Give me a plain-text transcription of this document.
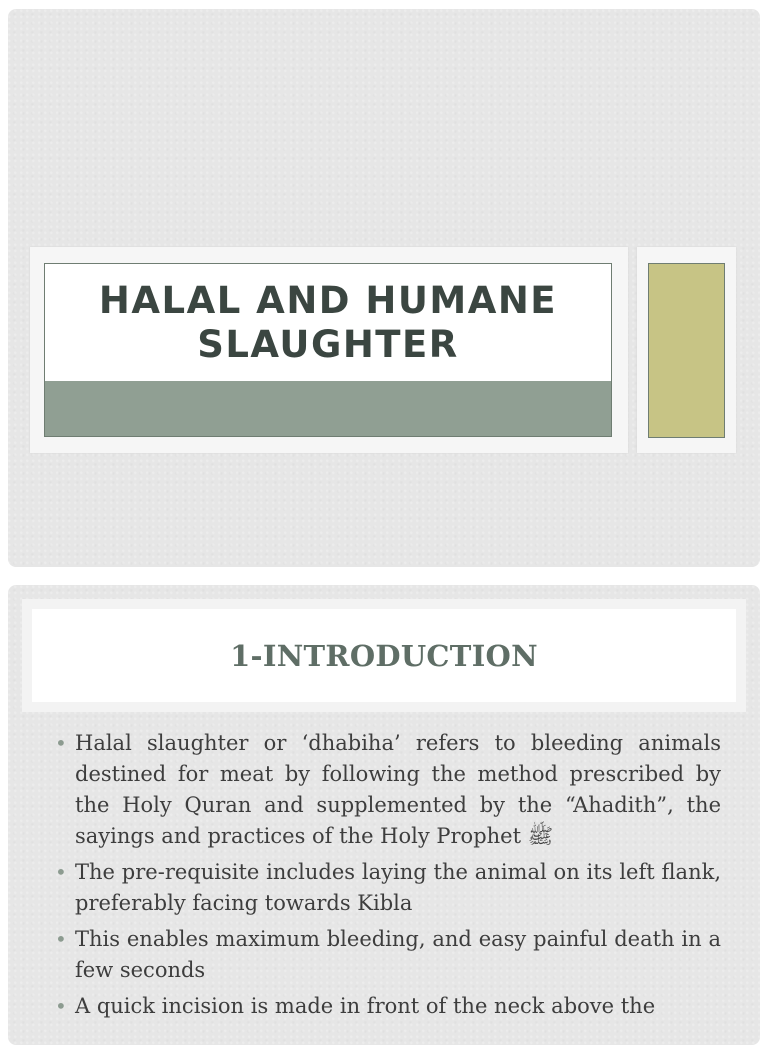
HALAL AND HUMANE SLAUGHTER
1-INTRODUCTION
• Halal slaughter or ‘dhabiha’ refers to bleeding animals destined for meat by following the method prescribed by the Holy Quran and supplemented by the “Ahadith”, the sayings and practices of the Holy Prophet ﷺ
• The pre-requisite includes laying the animal on its left flank, preferably facing towards Kibla
• This enables maximum bleeding, and easy painful death in a few seconds
• A quick incision is made in front of the neck above the
